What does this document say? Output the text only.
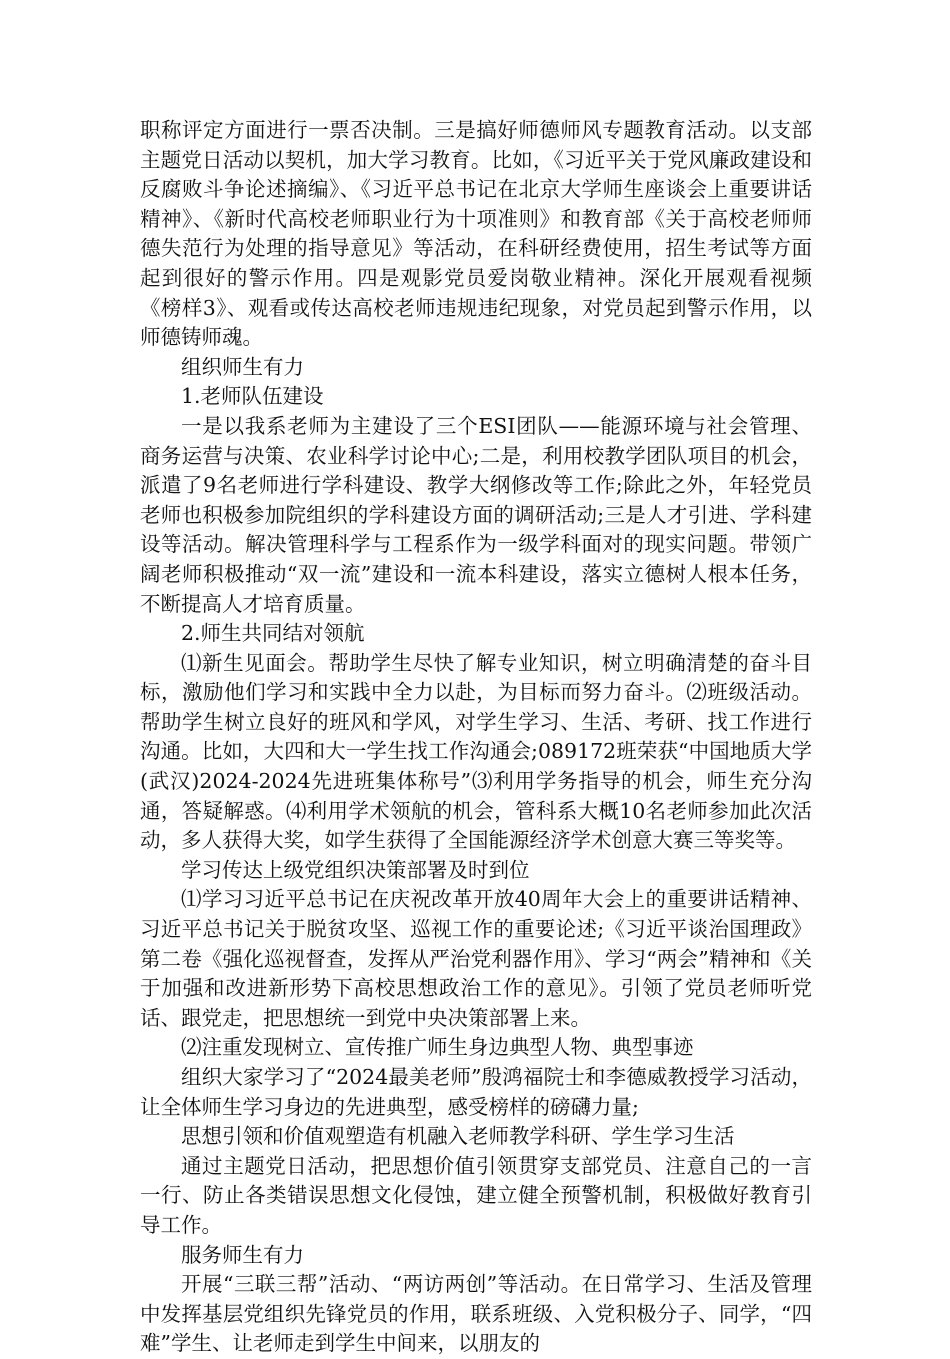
职称评定方面进行一票否决制。三是搞好师德师风专题教育活动。以支部主题党日活动以契机，加大学习教育。比如，《习近平关于党风廉政建设和反腐败斗争论述摘编》、《习近平总书记在北京大学师生座谈会上重要讲话精神》、《新时代高校老师职业行为十项准则》和教育部《关于高校老师师德失范行为处理的指导意见》等活动，在科研经费使用，招生考试等方面起到很好的警示作用。四是观影党员爱岗敬业精神。深化开展观看视频《榜样3》、观看或传达高校老师违规违纪现象，对党员起到警示作用，以师德铸师魂。

组织师生有力

1.老师队伍建设

一是以我系老师为主建设了三个ESI团队——能源环境与社会管理、商务运营与决策、农业科学讨论中心;二是，利用校教学团队项目的机会，派遣了9名老师进行学科建设、教学大纲修改等工作;除此之外，年轻党员老师也积极参加院组织的学科建设方面的调研活动;三是人才引进、学科建设等活动。解决管理科学与工程系作为一级学科面对的现实问题。带领广阔老师积极推动“双一流”建设和一流本科建设，落实立德树人根本任务，不断提高人才培育质量。

2.师生共同结对领航

⑴新生见面会。帮助学生尽快了解专业知识，树立明确清楚的奋斗目标，激励他们学习和实践中全力以赴，为目标而努力奋斗。⑵班级活动。帮助学生树立良好的班风和学风，对学生学习、生活、考研、找工作进行沟通。比如，大四和大一学生找工作沟通会;089172班荣获“中国地质大学(武汉)2024-2024先进班集体称号”⑶利用学务指导的机会，师生充分沟通，答疑解惑。⑷利用学术领航的机会，管科系大概10名老师参加此次活动，多人获得大奖，如学生获得了全国能源经济学术创意大赛三等奖等。

学习传达上级党组织决策部署及时到位

⑴学习习近平总书记在庆祝改革开放40周年大会上的重要讲话精神、习近平总书记关于脱贫攻坚、巡视工作的重要论述;《习近平谈治国理政》第二卷《强化巡视督查，发挥从严治党利器作用》、学习“两会”精神和《关于加强和改进新形势下高校思想政治工作的意见》。引领了党员老师听党话、跟党走，把思想统一到党中央决策部署上来。

⑵注重发现树立、宣传推广师生身边典型人物、典型事迹

组织大家学习了“2024最美老师”殷鸿福院士和李德威教授学习活动，让全体师生学习身边的先进典型，感受榜样的磅礴力量;

思想引领和价值观塑造有机融入老师教学科研、学生学习生活

通过主题党日活动，把思想价值引领贯穿支部党员、注意自己的一言一行、防止各类错误思想文化侵蚀，建立健全预警机制，积极做好教育引导工作。

服务师生有力

开展“三联三帮”活动、“两访两创”等活动。在日常学习、生活及管理中发挥基层党组织先锋党员的作用，联系班级、入党积极分子、同学，“四难”学生、让老师走到学生中间来，以朋友的
